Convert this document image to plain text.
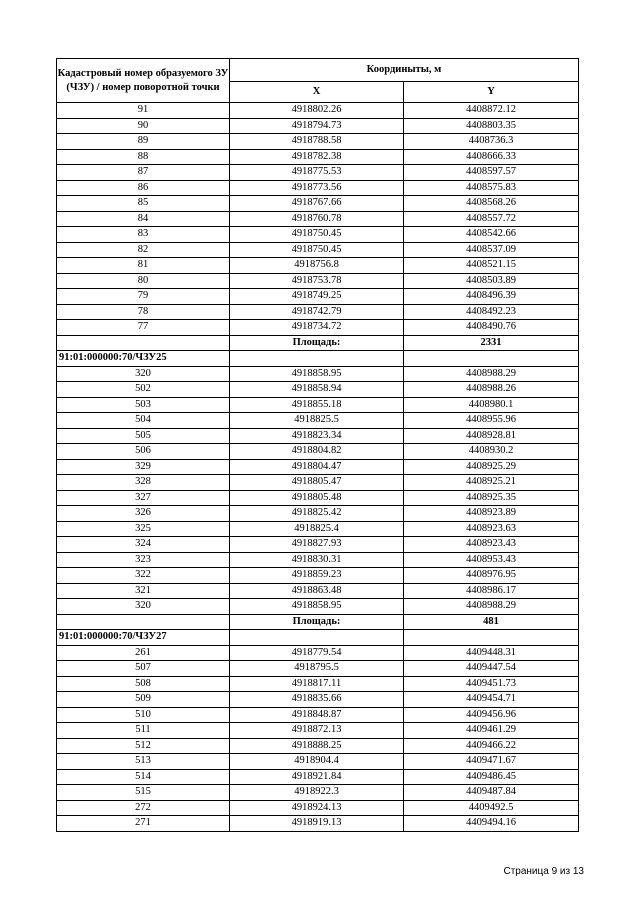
Кадастровый номер образуемого ЗУ (ЧЗУ) / номер поворотной точки	Координыты, м	
	X	Y
91	4918802.26	4408872.12
90	4918794.73	4408803.35
89	4918788.58	4408736.3
88	4918782.38	4408666.33
87	4918775.53	4408597.57
86	4918773.56	4408575.83
85	4918767.66	4408568.26
84	4918760.78	4408557.72
83	4918750.45	4408542.66
82	4918750.45	4408537.09
81	4918756.8	4408521.15
80	4918753.78	4408503.89
79	4918749.25	4408496.39
78	4918742.79	4408492.23
77	4918734.72	4408490.76
	Площадь:	2331
91:01:000000:70/ЧЗУ25		
320	4918858.95	4408988.29
502	4918858.94	4408988.26
503	4918855.18	4408980.1
504	4918825.5	4408955.96
505	4918823.34	4408928.81
506	4918804.82	4408930.2
329	4918804.47	4408925.29
328	4918805.47	4408925.21
327	4918805.48	4408925.35
326	4918825.42	4408923.89
325	4918825.4	4408923.63
324	4918827.93	4408923.43
323	4918830.31	4408953.43
322	4918859.23	4408976.95
321	4918863.48	4408986.17
320	4918858.95	4408988.29
	Площадь:	481
91:01:000000:70/ЧЗУ27		
261	4918779.54	4409448.31
507	4918795.5	4409447.54
508	4918817.11	4409451.73
509	4918835.66	4409454.71
510	4918848.87	4409456.96
511	4918872.13	4409461.29
512	4918888.25	4409466.22
513	4918904.4	4409471.67
514	4918921.84	4409486.45
515	4918922.3	4409487.84
272	4918924.13	4409492.5
271	4918919.13	4409494.16
Страница 9 из 13
